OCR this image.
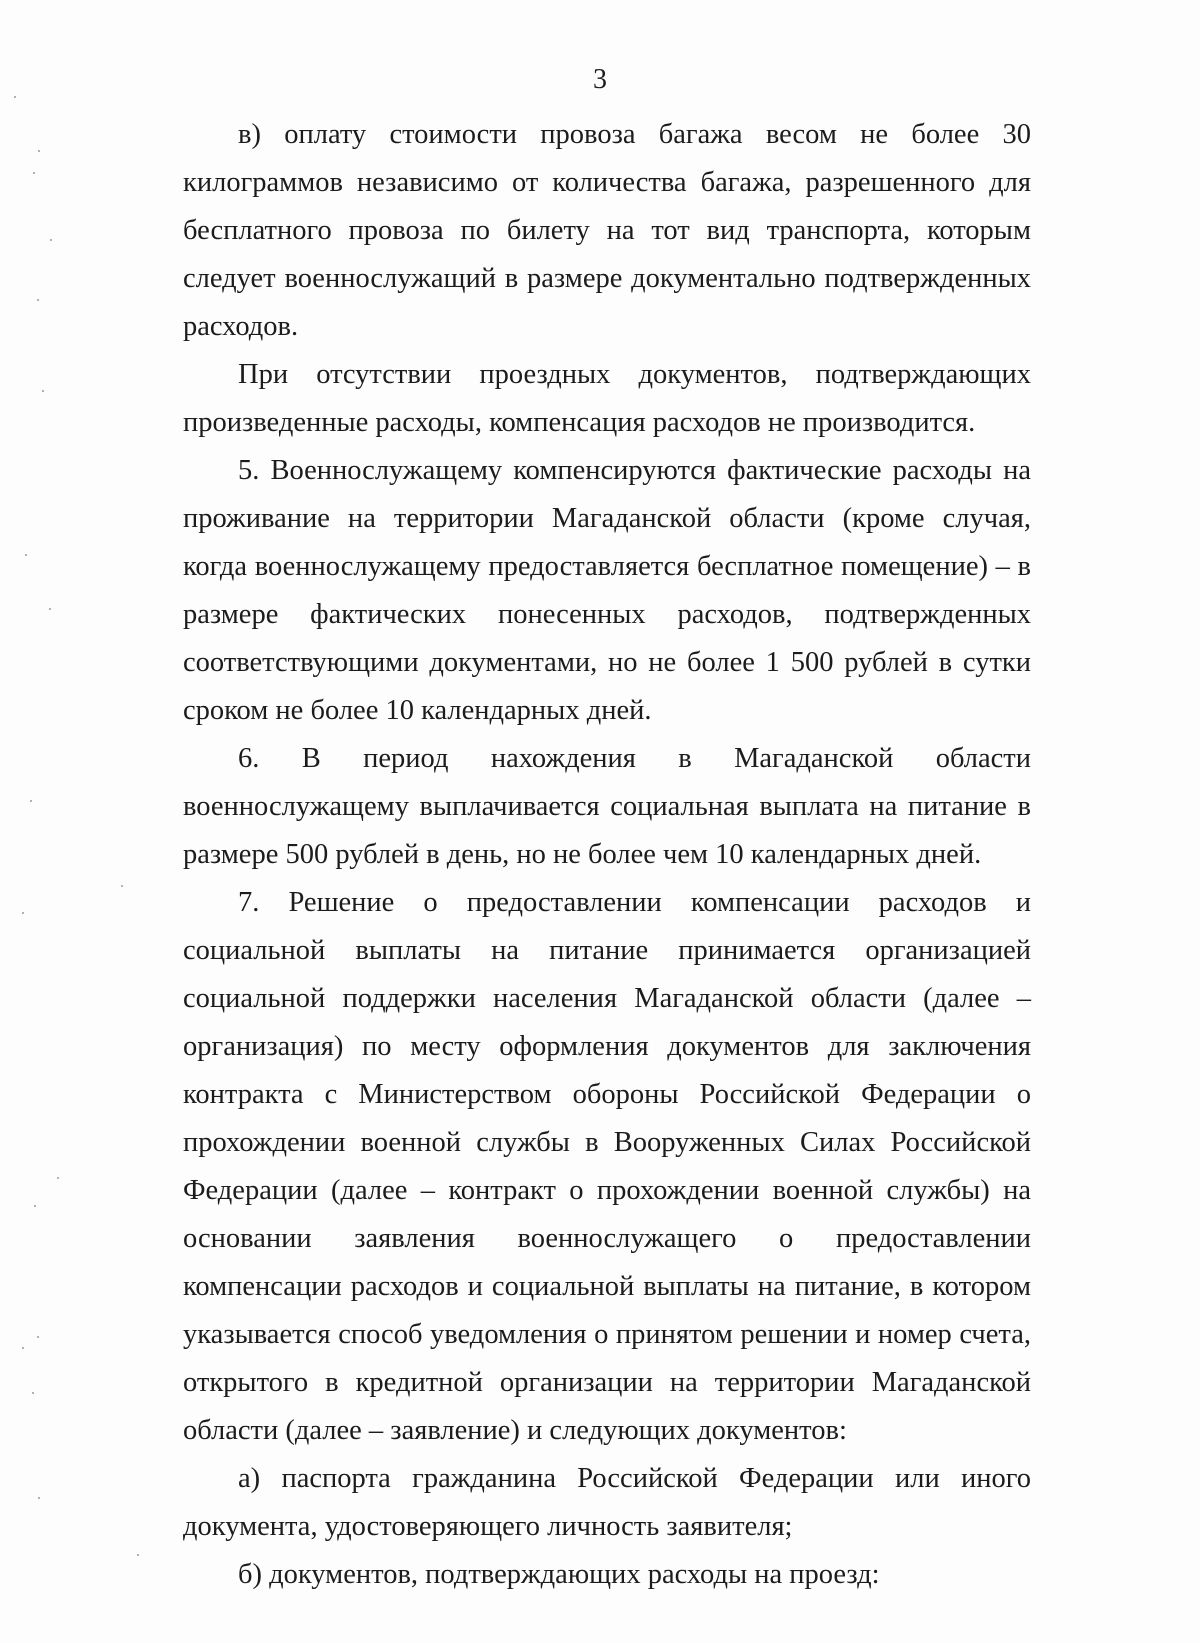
3

в) оплату стоимости провоза багажа весом не более 30 килограммов независимо от количества багажа, разрешенного для бесплатного провоза по билету на тот вид транспорта, которым следует военнослужащий в размере документально подтвержденных расходов.

При отсутствии проездных документов, подтверждающих произведенные расходы, компенсация расходов не производится.

5. Военнослужащему компенсируются фактические расходы на проживание на территории Магаданской области (кроме случая, когда военнослужащему предоставляется бесплатное помещение) – в размере фактических понесенных расходов, подтвержденных соответствующими документами, но не более 1 500 рублей в сутки сроком не более 10 календарных дней.

6. В период нахождения в Магаданской области военнослужащему выплачивается социальная выплата на питание в размере 500 рублей в день, но не более чем 10 календарных дней.

7. Решение о предоставлении компенсации расходов и социальной выплаты на питание принимается организацией социальной поддержки населения Магаданской области (далее – организация) по месту оформления документов для заключения контракта с Министерством обороны Российской Федерации о прохождении военной службы в Вооруженных Силах Российской Федерации (далее – контракт о прохождении военной службы) на основании заявления военнослужащего о предоставлении компенсации расходов и социальной выплаты на питание, в котором указывается способ уведомления о принятом решении и номер счета, открытого в кредитной организации на территории Магаданской области (далее – заявление) и следующих документов:

а) паспорта гражданина Российской Федерации или иного документа, удостоверяющего личность заявителя;

б) документов, подтверждающих расходы на проезд:
